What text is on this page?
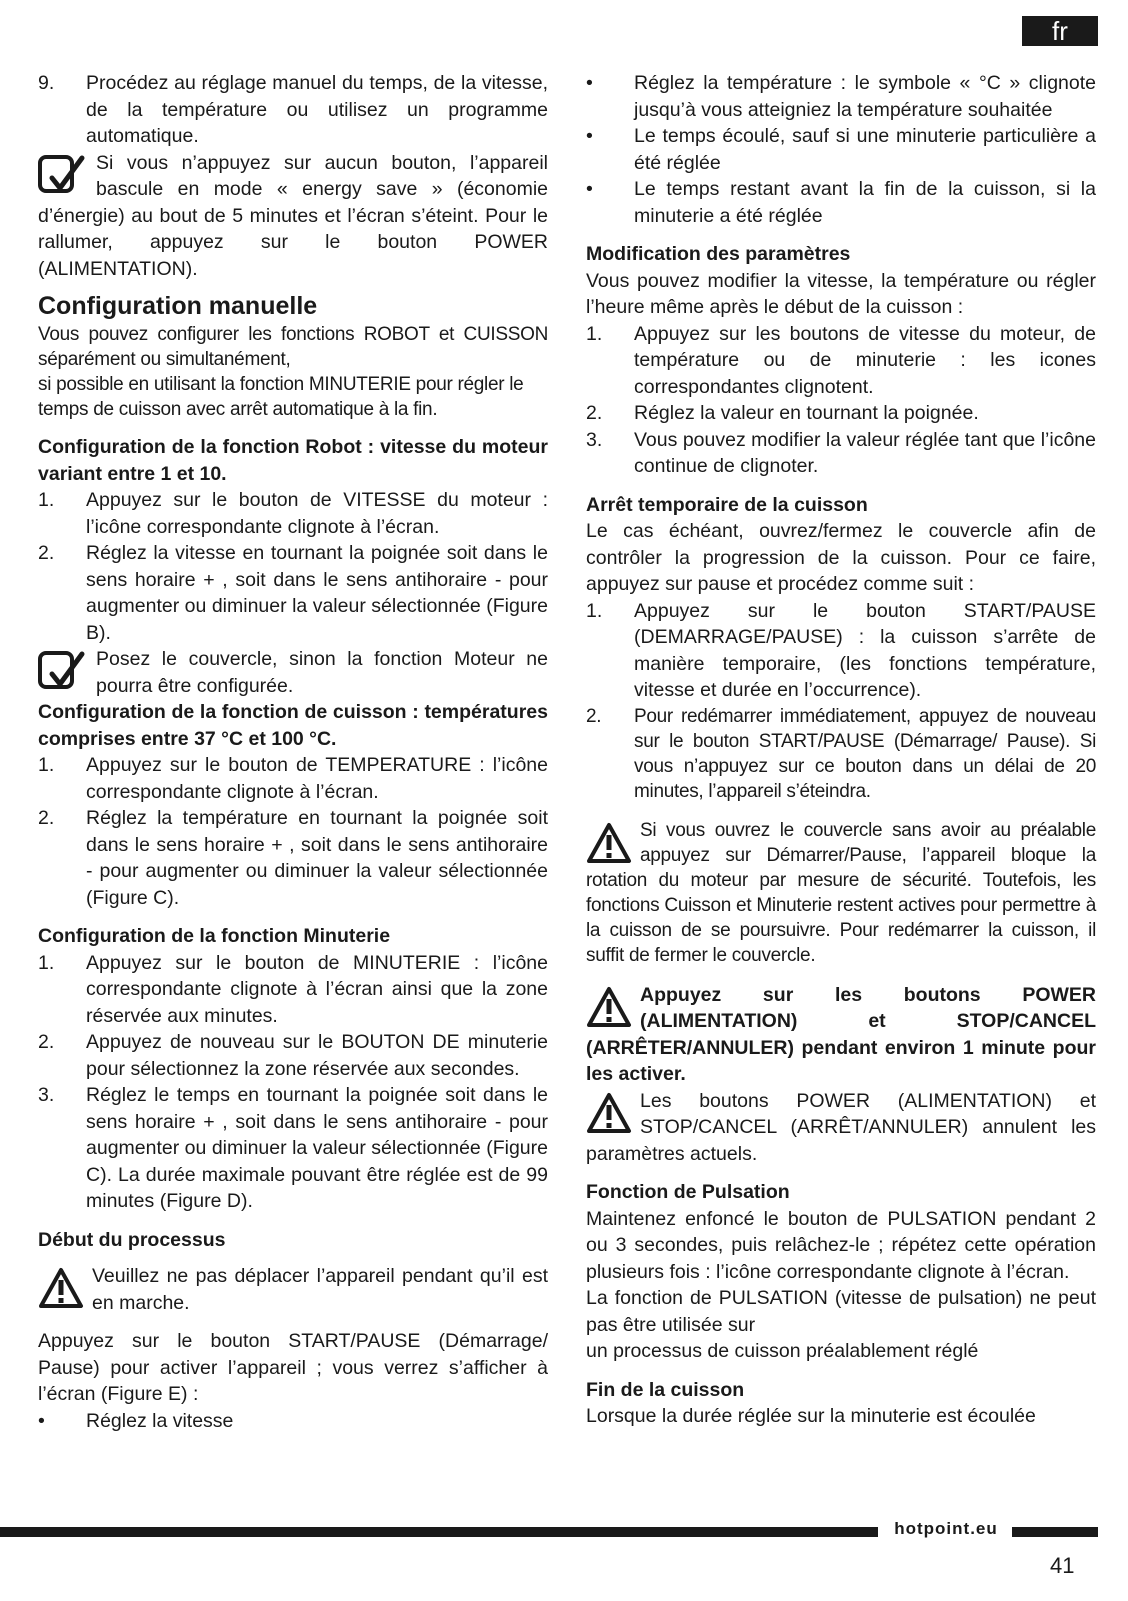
fr
9. Procédez au réglage manuel du temps, de la vitesse, de la température ou utilisez un programme automatique.
Si vous n’appuyez sur aucun bouton, l’appareil bascule en mode « energy save » (économie d’énergie) au bout de 5 minutes et l’écran s’éteint. Pour le rallumer, appuyez sur le bouton POWER (ALIMENTATION).
Configuration manuelle

Vous pouvez configurer les fonctions ROBOT et CUISSON séparément ou simultanément,

si possible en utilisant la fonction MINUTERIE pour régler le temps de cuisson avec arrêt automatique à la fin.

Configuration de la fonction Robot : vitesse du moteur variant entre 1 et 10.
1. Appuyez sur le bouton de VITESSE du moteur : l’icône correspondante clignote à l’écran.
2. Réglez la vitesse en tournant la poignée soit dans le sens horaire + , soit dans le sens antihoraire - pour augmenter ou diminuer la valeur sélectionnée (Figure B).
Posez le couvercle, sinon la fonction Moteur ne pourra être configurée.
Configuration de la fonction de cuisson : températures comprises entre 37 °C et 100 °C.
1. Appuyez sur le bouton de TEMPERATURE : l’icône correspondante clignote à l’écran.
2. Réglez la température en tournant la poignée soit dans le sens horaire + , soit dans le sens antihoraire - pour augmenter ou diminuer la valeur sélectionnée (Figure C).
Configuration de la fonction Minuterie
1. Appuyez sur le bouton de MINUTERIE : l’icône correspondante clignote à l’écran ainsi que la zone réservée aux minutes.
2. Appuyez de nouveau sur le BOUTON DE minuterie pour sélectionnez la zone réservée aux secondes.
3. Réglez le temps en tournant la poignée soit dans le sens horaire + , soit dans le sens antihoraire - pour augmenter ou diminuer la valeur sélectionnée (Figure C). La durée maximale pouvant être réglée est de 99 minutes (Figure D).
Début du processus
Veuillez ne pas déplacer l’appareil pendant qu’il est en marche.

Appuyez sur le bouton START/PAUSE (Démarrage/ Pause) pour activer l’appareil ; vous verrez s’afficher à l’écran (Figure E) :

• Réglez la vitesse
• Réglez la température : le symbole « °C » clignote jusqu’à vous atteigniez la température souhaitée
• Le temps écoulé, sauf si une minuterie particulière a été réglée
• Le temps restant avant la fin de la cuisson, si la minuterie a été réglée
Modification des paramètres

Vous pouvez modifier la vitesse, la température ou régler l’heure même après le début de la cuisson :

1. Appuyez sur les boutons de vitesse du moteur, de température ou de minuterie : les icones correspondantes clignotent.
2. Réglez la valeur en tournant la poignée.
3. Vous pouvez modifier la valeur réglée tant que l’icône continue de clignoter.
Arrêt temporaire de la cuisson

Le cas échéant, ouvrez/fermez le couvercle afin de contrôler la progression de la cuisson. Pour ce faire, appuyez sur pause et procédez comme suit :

1. Appuyez sur le bouton START/PAUSE (DEMARRAGE/PAUSE) : la cuisson s’arrête de manière temporaire, (les fonctions température, vitesse et durée en l’occurrence).
2. Pour redémarrer immédiatement, appuyez de nouveau sur le bouton START/PAUSE (Démarrage/ Pause). Si vous n’appuyez sur ce bouton dans un délai de 20 minutes, l’appareil s’éteindra.
Si vous ouvrez le couvercle sans avoir au préalable appuyez sur Démarrer/Pause, l’appareil bloque la rotation du moteur par mesure de sécurité. Toutefois, les fonctions Cuisson et Minuterie restent actives pour permettre à la cuisson de se poursuivre. Pour redémarrer la cuisson, il suffit de fermer le couvercle.
Appuyez sur les boutons POWER (ALIMENTATION) et STOP/CANCEL (ARRÊTER/ANNULER) pendant environ 1 minute pour les activer.
Les boutons POWER (ALIMENTATION) et STOP/CANCEL (ARRÊT/ANNULER) annulent les paramètres actuels.
Fonction de Pulsation

Maintenez enfoncé le bouton de PULSATION pendant 2 ou 3 secondes, puis relâchez-le ; répétez cette opération plusieurs fois : l’icône correspondante clignote à l’écran.

La fonction de PULSATION (vitesse de pulsation) ne peut pas être utilisée sur

un processus de cuisson préalablement réglé

Fin de la cuisson

Lorsque la durée réglée sur la minuterie est écoulée

hotpoint.eu
41
